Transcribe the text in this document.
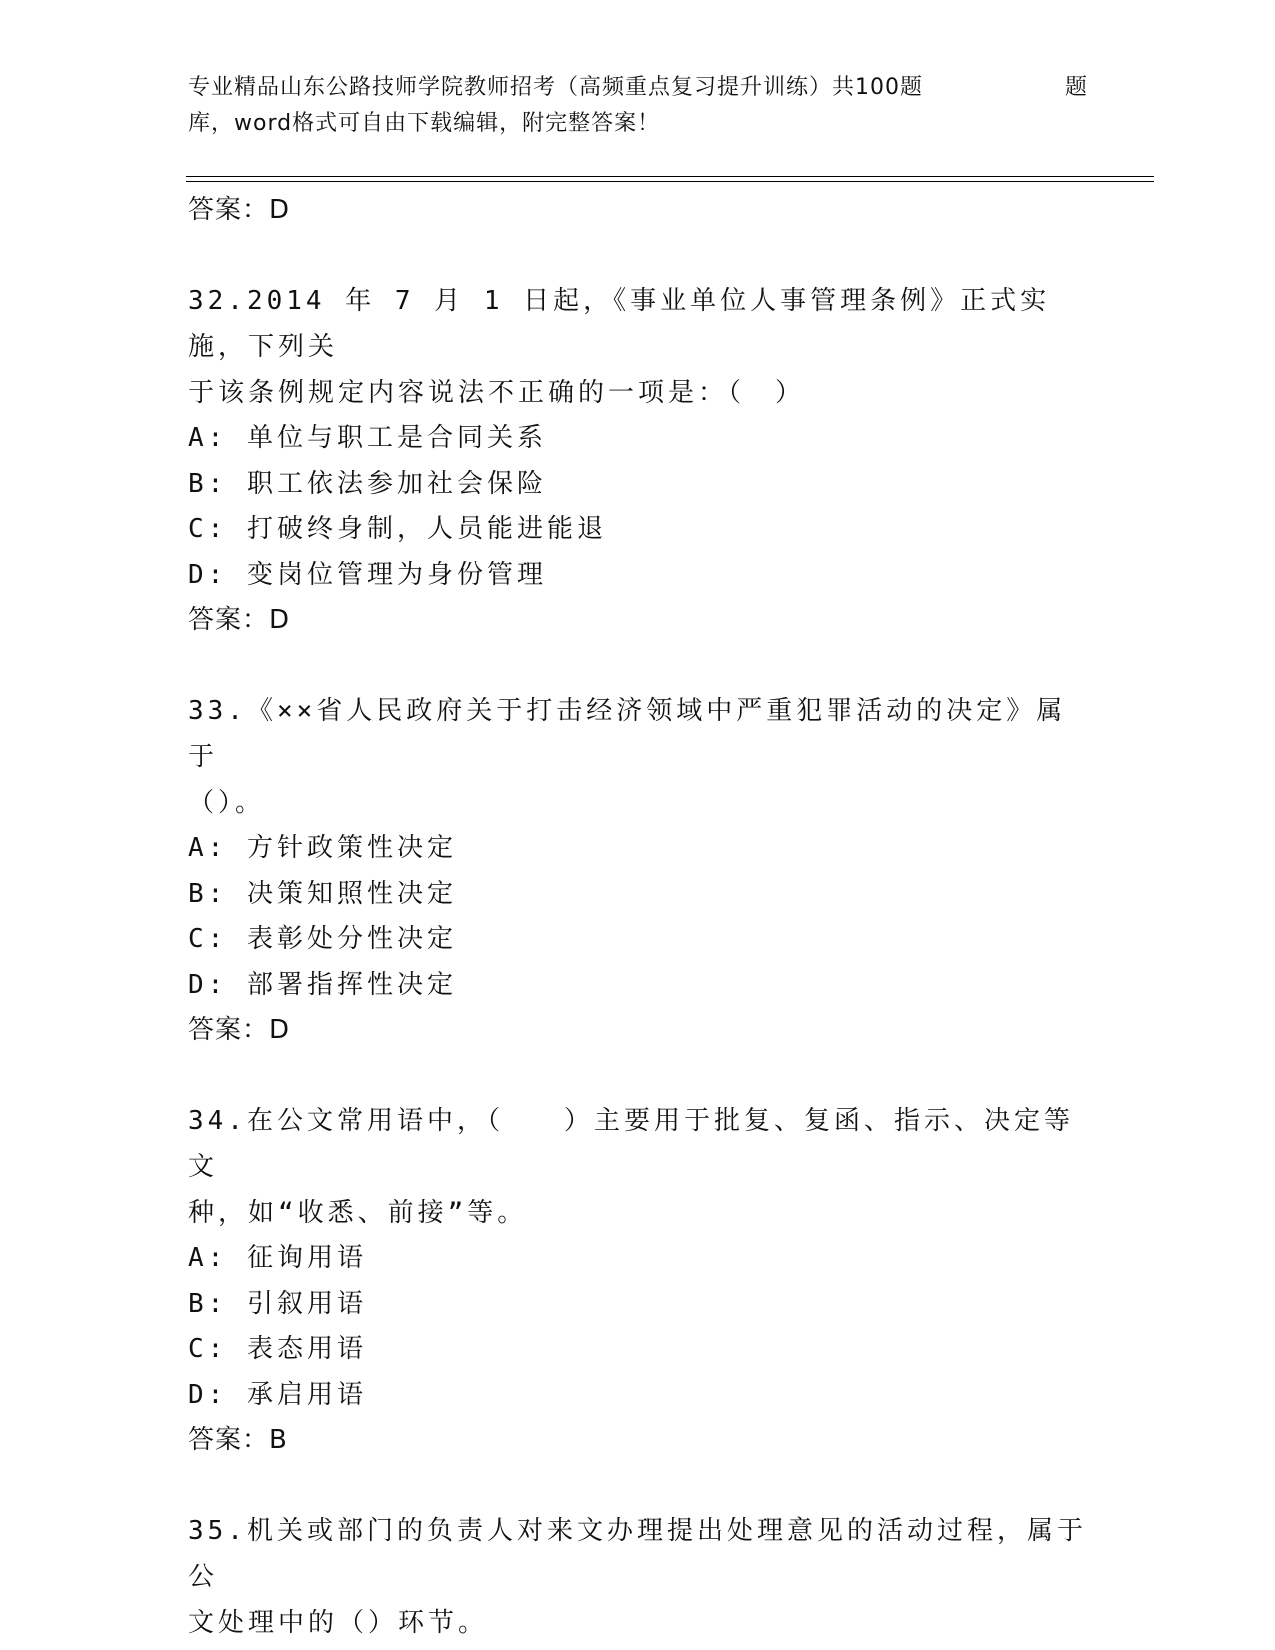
专业精品山东公路技师学院教师招考（高频重点复习提升训练）共100题	题
库，word格式可自由下载编辑，附完整答案！
答案：D

32.2014 年 7 月 1 日起，《事业单位人事管理条例》正式实施，下列关

于该条例规定内容说法不正确的一项是：（　）

A: 单位与职工是合同关系

B: 职工依法参加社会保险

C: 打破终身制，人员能进能退

D: 变岗位管理为身份管理

答案：D

33.《××省人民政府关于打击经济领域中严重犯罪活动的决定》属于

（）。

A: 方针政策性决定

B: 决策知照性决定

C: 表彰处分性决定

D: 部署指挥性决定

答案：D

34.在公文常用语中，（　　）主要用于批复、复函、指示、决定等文

种，如“收悉、前接”等。

A: 征询用语

B: 引叙用语

C: 表态用语

D: 承启用语

答案：B

35.机关或部门的负责人对来文办理提出处理意见的活动过程，属于公

文处理中的（）环节。
